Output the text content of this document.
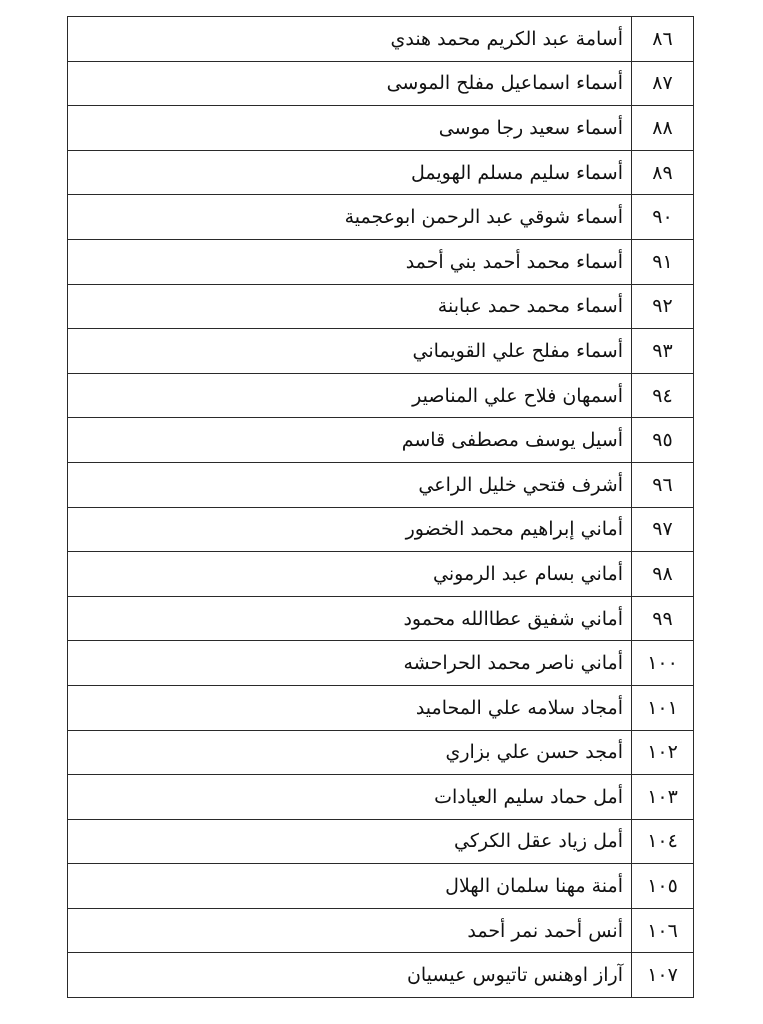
٨٦	أسامة عبد الكريم محمد هندي
٨٧	أسماء اسماعيل مفلح الموسى
٨٨	أسماء سعيد رجا موسى
٨٩	أسماء سليم مسلم الهويمل
٩٠	أسماء شوقي عبد الرحمن ابوعجمية
٩١	أسماء محمد أحمد بني أحمد
٩٢	أسماء محمد حمد عبابنة
٩٣	أسماء مفلح علي القويماني
٩٤	أسمهان فلاح علي المناصير
٩٥	أسيل يوسف مصطفى قاسم
٩٦	أشرف فتحي خليل الراعي
٩٧	أماني إبراهيم محمد الخضور
٩٨	أماني بسام عبد الرموني
٩٩	أماني شفيق عطاالله محمود
١٠٠	أماني ناصر محمد الحراحشه
١٠١	أمجاد سلامه علي المحاميد
١٠٢	أمجد حسن علي بزاري
١٠٣	أمل حماد سليم العيادات
١٠٤	أمل زياد عقل الكركي
١٠٥	أمنة مهنا سلمان الهلال
١٠٦	أنس أحمد نمر أحمد
١٠٧	آراز اوهنس تاتيوس عيسيان
